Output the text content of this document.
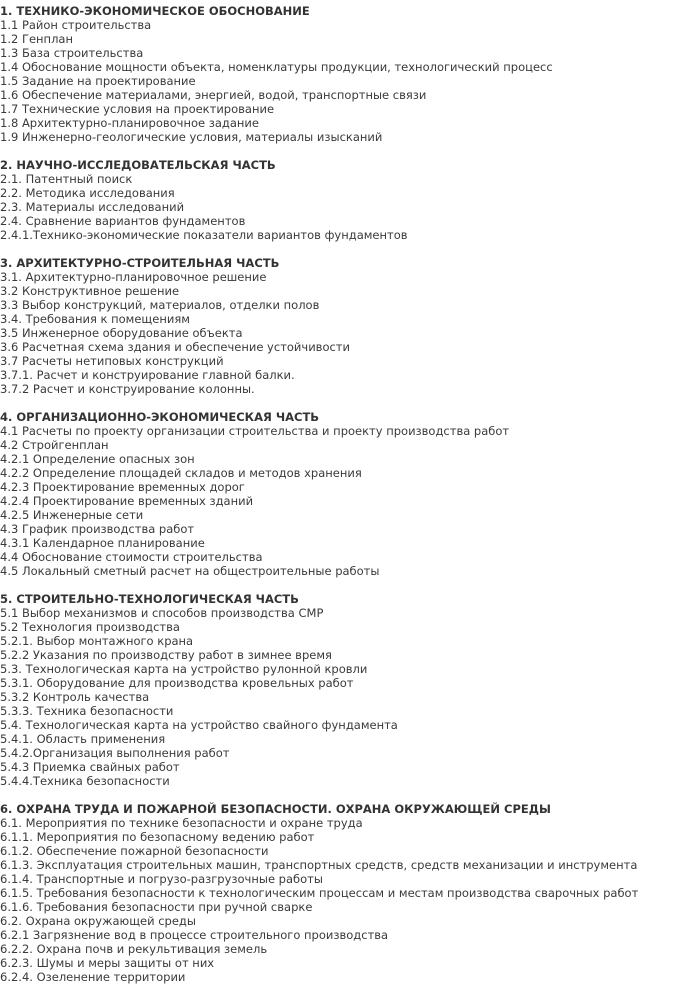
1. ТЕХНИКО-ЭКОНОМИЧЕСКОЕ ОБОСНОВАНИЕ
1.1 Район строительства
1.2 Генплан
1.3 База строительства
1.4 Обоснование мощности объекта, номенклатуры продукции, технологический процесс
1.5 Задание на проектирование
1.6 Обеспечение материалами, энергией, водой, транспортные связи
1.7 Технические условия на проектирование
1.8 Архитектурно-планировочное задание
1.9 Инженерно-геологические условия, материалы изысканий
2. НАУЧНО-ИССЛЕДОВАТЕЛЬСКАЯ ЧАСТЬ
2.1. Патентный поиск
2.2. Методика исследования
2.3. Материалы исследований
2.4. Сравнение вариантов фундаментов
2.4.1.Технико-экономические показатели вариантов фундаментов
3. АРХИТЕКТУРНО-СТРОИТЕЛЬНАЯ ЧАСТЬ
3.1. Архитектурно-планировочное решение
3.2 Конструктивное решение
3.3 Выбор конструкций, материалов, отделки полов
3.4. Требования к помещениям
3.5 Инженерное оборудование объекта
3.6 Расчетная схема здания и обеспечение устойчивости
3.7 Расчеты нетиповых конструкций
3.7.1. Расчет и конструирование главной балки.
3.7.2 Расчет и конструирование колонны.
4. ОРГАНИЗАЦИОННО-ЭКОНОМИЧЕСКАЯ ЧАСТЬ
4.1 Расчеты по проекту организации строительства и проекту производства работ
4.2 Стройгенплан
4.2.1 Определение опасных зон
4.2.2 Определение площадей складов и методов хранения
4.2.3 Проектирование временных дорог
4.2.4 Проектирование временных зданий
4.2.5 Инженерные сети
4.3 График производства работ
4.3.1 Календарное планирование
4.4 Обоснование стоимости строительства
4.5 Локальный сметный расчет на общестроительные работы
5. СТРОИТЕЛЬНО-ТЕХНОЛОГИЧЕСКАЯ ЧАСТЬ
5.1 Выбор механизмов и способов производства СМР
5.2 Технология производства
5.2.1. Выбор монтажного крана
5.2.2 Указания по производству работ в зимнее время
5.3. Технологическая карта на устройство рулонной кровли
5.3.1. Оборудование для производства кровельных работ
5.3.2 Контроль качества
5.3.3. Техника безопасности
5.4. Технологическая карта на устройство свайного фундамента
5.4.1. Область применения
5.4.2.Организация выполнения работ
5.4.3 Приемка свайных работ
5.4.4.Техника безопасности
6. ОХРАНА ТРУДА И ПОЖАРНОЙ БЕЗОПАСНОСТИ. ОХРАНА ОКРУЖАЮЩЕЙ СРЕДЫ
6.1. Мероприятия по технике безопасности и охране труда
6.1.1. Мероприятия по безопасному ведению работ
6.1.2. Обеспечение пожарной безопасности
6.1.3. Эксплуатация строительных машин, транспортных средств, средств механизации и инструмента
6.1.4. Транспортные и погрузо-разгрузочные работы
6.1.5. Требования безопасности к технологическим процессам и местам производства сварочных работ
6.1.6. Требования безопасности при ручной сварке
6.2. Охрана окружающей среды
6.2.1 Загрязнение вод в процессе строительного производства
6.2.2. Охрана почв и рекультивация земель
6.2.3. Шумы и меры защиты от них
6.2.4. Озеленение территории
